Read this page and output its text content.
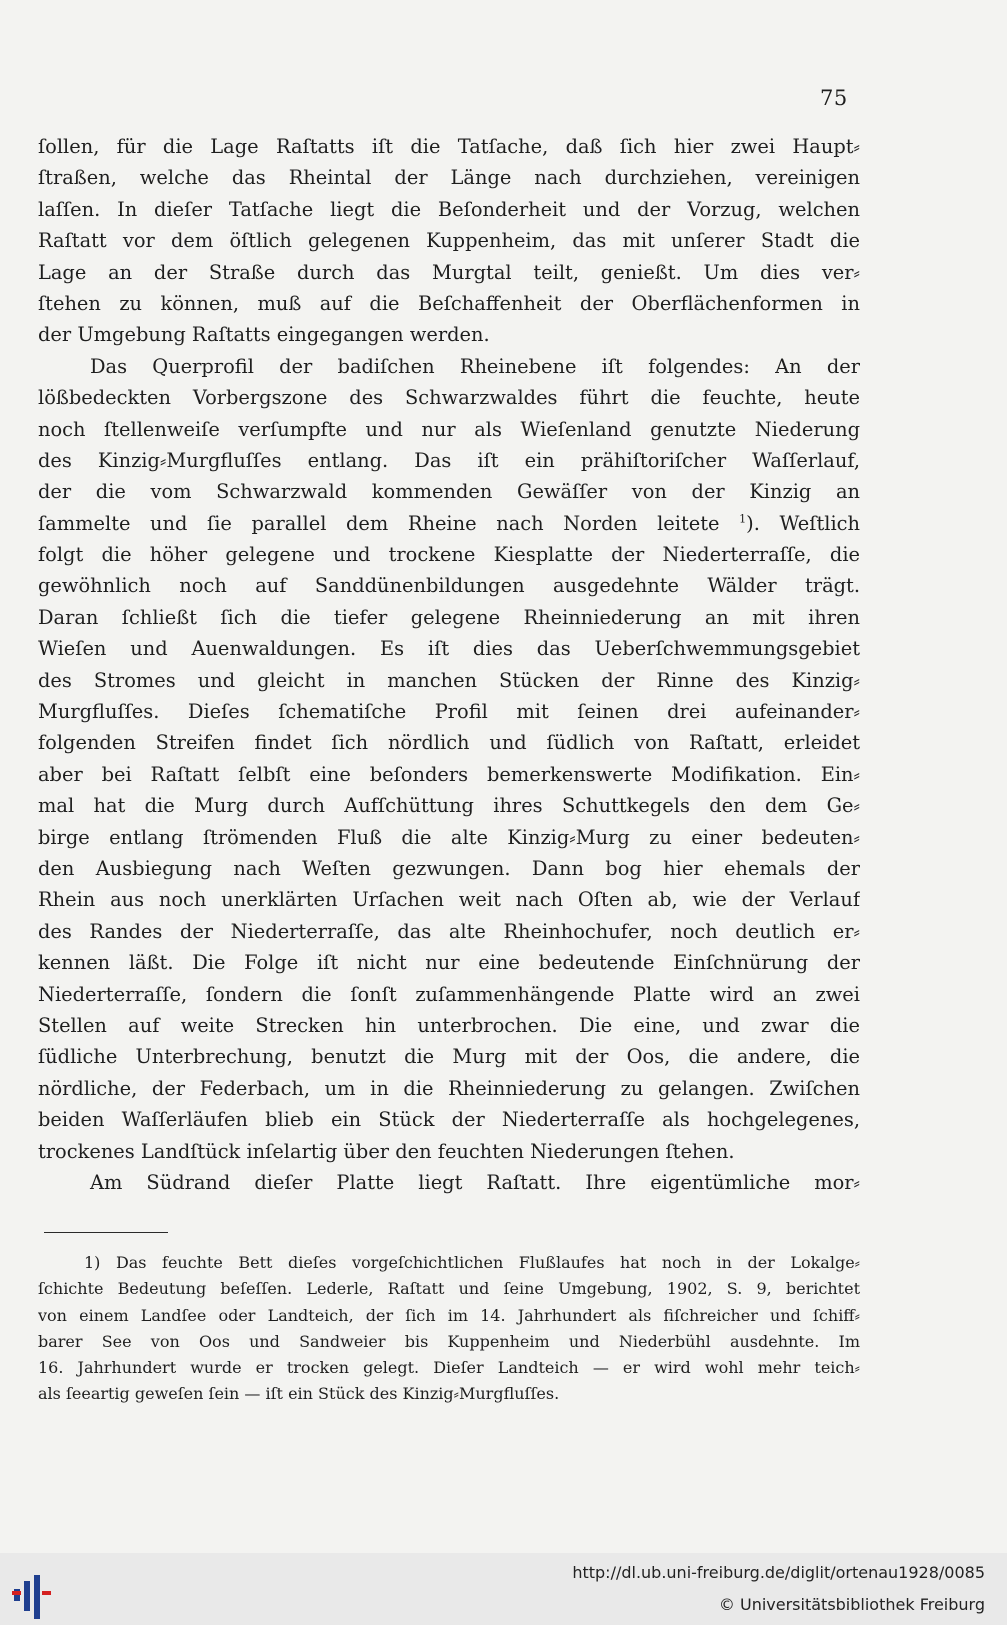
75
ſollen, für die Lage Raſtatts iſt die Tatſache, daß ſich hier zwei Haupt⸗
ſtraßen, welche das Rheintal der Länge nach durchziehen, vereinigen
laſſen. In dieſer Tatſache liegt die Beſonderheit und der Vorzug, welchen
Raſtatt vor dem öſtlich gelegenen Kuppenheim, das mit unſerer Stadt die
Lage an der Straße durch das Murgtal teilt, genießt. Um dies ver⸗
ſtehen zu können, muß auf die Beſchaffenheit der Oberflächenformen in
der Umgebung Raſtatts eingegangen werden.
Das Querprofil der badiſchen Rheinebene iſt folgendes: An der
lößbedeckten Vorbergszone des Schwarzwaldes führt die feuchte, heute
noch ſtellenweiſe verſumpfte und nur als Wieſenland genutzte Niederung
des Kinzig⸗Murgfluſſes entlang. Das iſt ein prähiſtoriſcher Waſſerlauf,
der die vom Schwarzwald kommenden Gewäſſer von der Kinzig an
ſammelte und ſie parallel dem Rheine nach Norden leitete $^1$). Weſtlich
folgt die höher gelegene und trockene Kiesplatte der Niederterraſſe, die
gewöhnlich noch auf Sanddünenbildungen ausgedehnte Wälder trägt.
Daran ſchließt ſich die tiefer gelegene Rheinniederung an mit ihren
Wieſen und Auenwaldungen. Es iſt dies das Ueberſchwemmungsgebiet
des Stromes und gleicht in manchen Stücken der Rinne des Kinzig⸗
Murgfluſſes. Dieſes ſchematiſche Profil mit ſeinen drei aufeinander⸗
folgenden Streifen findet ſich nördlich und ſüdlich von Raſtatt, erleidet
aber bei Raſtatt ſelbſt eine beſonders bemerkenswerte Modifikation. Ein⸗
mal hat die Murg durch Aufſchüttung ihres Schuttkegels den dem Ge⸗
birge entlang ſtrömenden Fluß die alte Kinzig⸗Murg zu einer bedeuten⸗
den Ausbiegung nach Weſten gezwungen. Dann bog hier ehemals der
Rhein aus noch unerklärten Urſachen weit nach Oſten ab, wie der Verlauf
des Randes der Niederterraſſe, das alte Rheinhochufer, noch deutlich er⸗
kennen läßt. Die Folge iſt nicht nur eine bedeutende Einſchnürung der
Niederterraſſe, ſondern die ſonſt zuſammenhängende Platte wird an zwei
Stellen auf weite Strecken hin unterbrochen. Die eine, und zwar die
ſüdliche Unterbrechung, benutzt die Murg mit der Oos, die andere, die
nördliche, der Federbach, um in die Rheinniederung zu gelangen. Zwiſchen
beiden Waſſerläufen blieb ein Stück der Niederterraſſe als hochgelegenes,
trockenes Landſtück inſelartig über den feuchten Niederungen ſtehen.
Am Südrand dieſer Platte liegt Raſtatt. Ihre eigentümliche mor⸗
1) Das feuchte Bett dieſes vorgeſchichtlichen Flußlaufes hat noch in der Lokalge⸗
ſchichte Bedeutung beſeſſen. Lederle, Raſtatt und ſeine Umgebung, 1902, S. 9, berichtet
von einem Landſee oder Landteich, der ſich im 14. Jahrhundert als fiſchreicher und ſchiff⸗
barer See von Oos und Sandweier bis Kuppenheim und Niederbühl ausdehnte. Im
16. Jahrhundert wurde er trocken gelegt. Dieſer Landteich — er wird wohl mehr teich⸗
als ſeeartig geweſen ſein — iſt ein Stück des Kinzig⸗Murgfluſſes.
http://dl.ub.uni-freiburg.de/diglit/ortenau1928/0085
© Universitätsbibliothek Freiburg
